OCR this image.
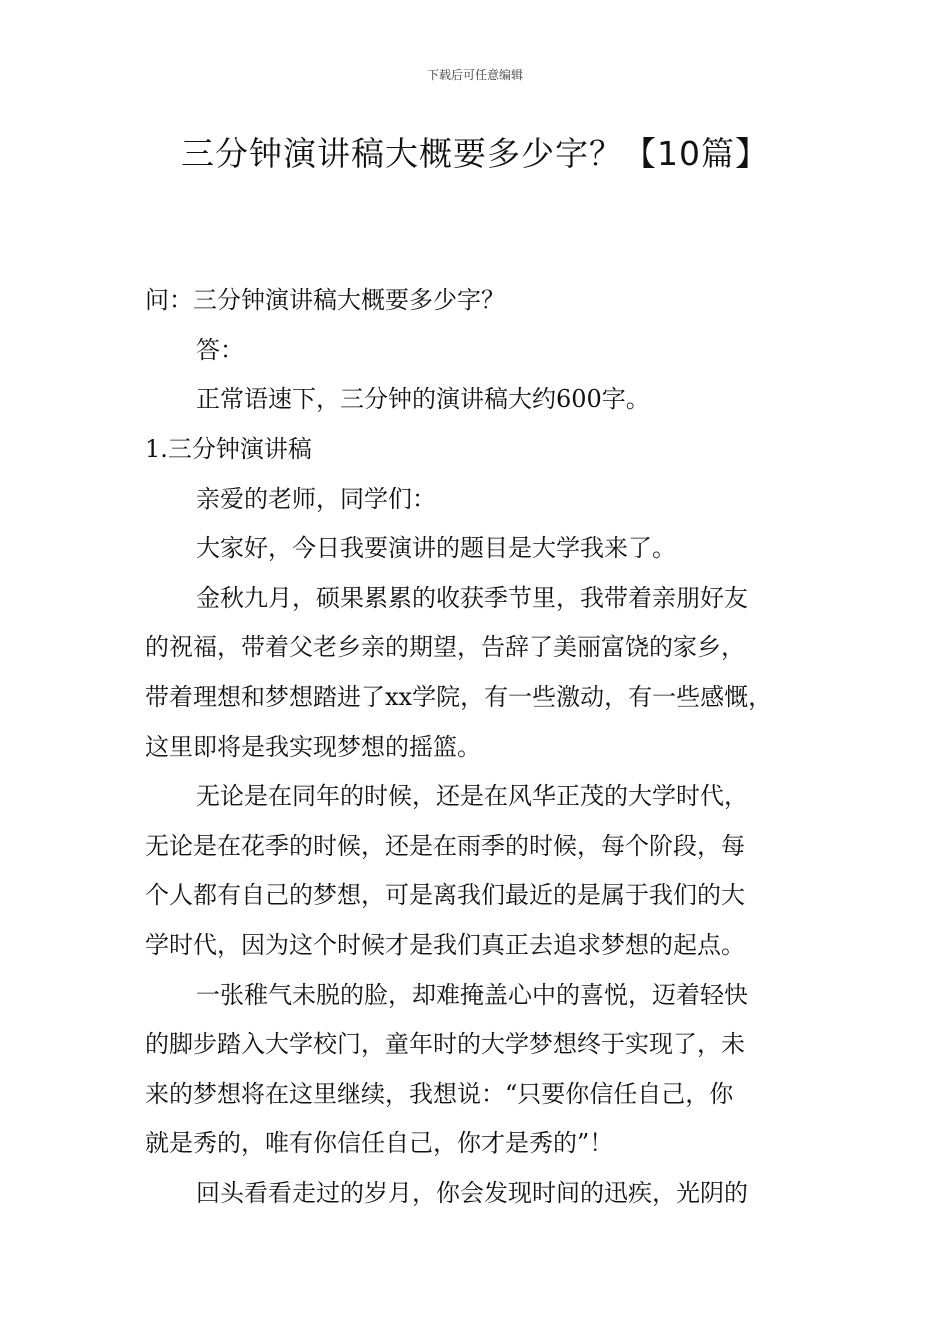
下载后可任意编辑
三分钟演讲稿大概要多少字？【10篇】
问：三分钟演讲稿大概要多少字？
答：
正常语速下，三分钟的演讲稿大约600字。
1.三分钟演讲稿
亲爱的老师，同学们：
大家好，今日我要演讲的题目是大学我来了。
金秋九月，硕果累累的收获季节里，我带着亲朋好友
的祝福，带着父老乡亲的期望，告辞了美丽富饶的家乡，
带着理想和梦想踏进了xx学院，有一些激动，有一些感慨，
这里即将是我实现梦想的摇篮。
无论是在同年的时候，还是在风华正茂的大学时代，
无论是在花季的时候，还是在雨季的时候，每个阶段，每
个人都有自己的梦想，可是离我们最近的是属于我们的大
学时代，因为这个时候才是我们真正去追求梦想的起点。
一张稚气未脱的脸，却难掩盖心中的喜悦，迈着轻快
的脚步踏入大学校门，童年时的大学梦想终于实现了，未
来的梦想将在这里继续，我想说：“只要你信任自己，你
就是秀的，唯有你信任自己，你才是秀的”！
回头看看走过的岁月，你会发现时间的迅疾，光阴的
